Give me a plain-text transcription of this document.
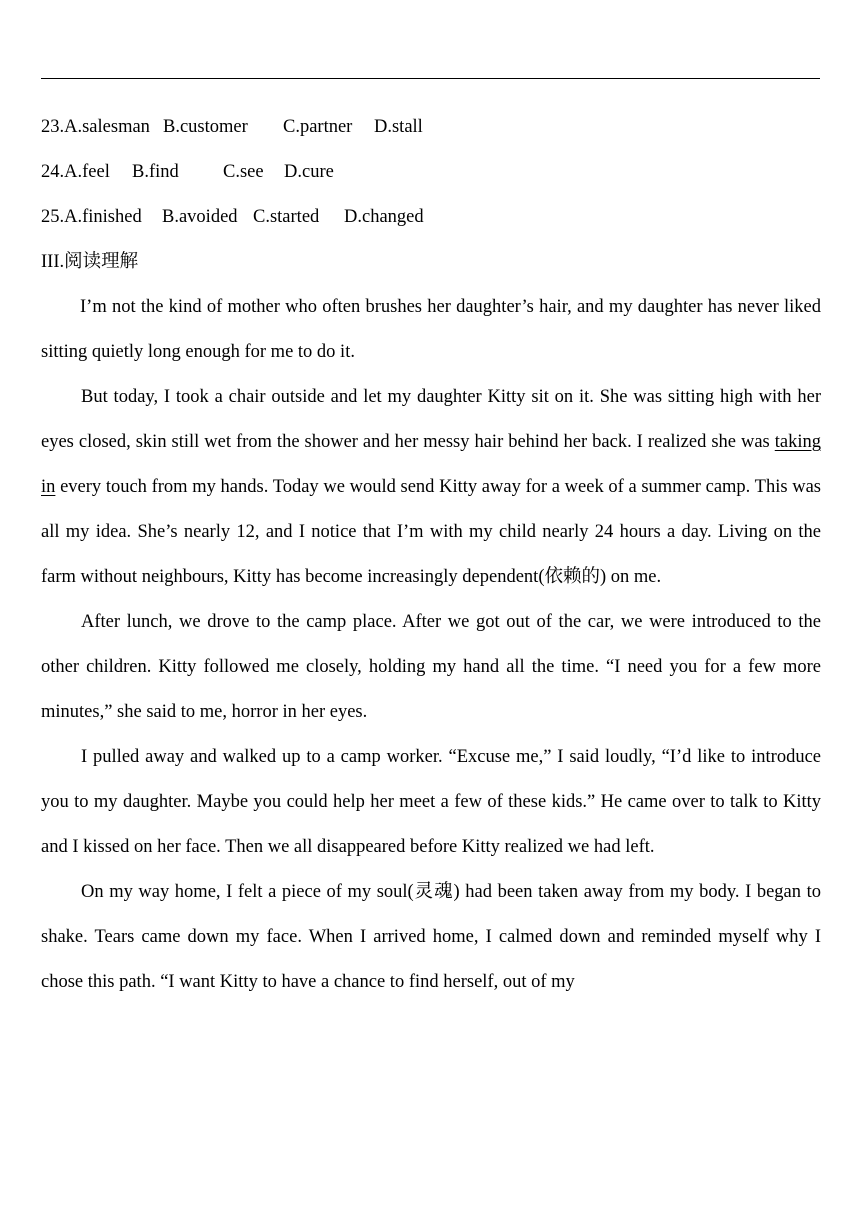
23.A.salesman

B.customer

C.partner

D.stall

24.A.feel

B.find

C.see

D.cure

25.A.finished

B.avoided

C.started

D.changed

III.阅读理解

I’m not the kind of mother who often brushes her daughter’s hair, and my daughter has never liked sitting quietly long enough for me to do it.

But today, I took a chair outside and let my daughter Kitty sit on it. She was sitting high with her eyes closed, skin still wet from the shower and her messy hair behind her back. I realized she was taking in every touch from my hands. Today we would send Kitty away for a week of a summer camp. This was all my idea. She’s nearly 12, and I notice that I’m with my child nearly 24 hours a day. Living on the farm without neighbours, Kitty has become increasingly dependent(依赖的) on me.

After lunch, we drove to the camp place. After we got out of the car, we were introduced to the other children. Kitty followed me closely, holding my hand all the time. “I need you for a few more minutes,” she said to me, horror in her eyes.

I pulled away and walked up to a camp worker. “Excuse me,” I said loudly, “I’d like to introduce you to my daughter. Maybe you could help her meet a few of these kids.” He came over to talk to Kitty and I kissed on her face. Then we all disappeared before Kitty realized we had left.

On my way home, I felt a piece of my soul(灵魂) had been taken away from my body. I began to shake. Tears came down my face. When I arrived home, I calmed down and reminded myself why I chose this path. “I want Kitty to have a chance to find herself, out of my
